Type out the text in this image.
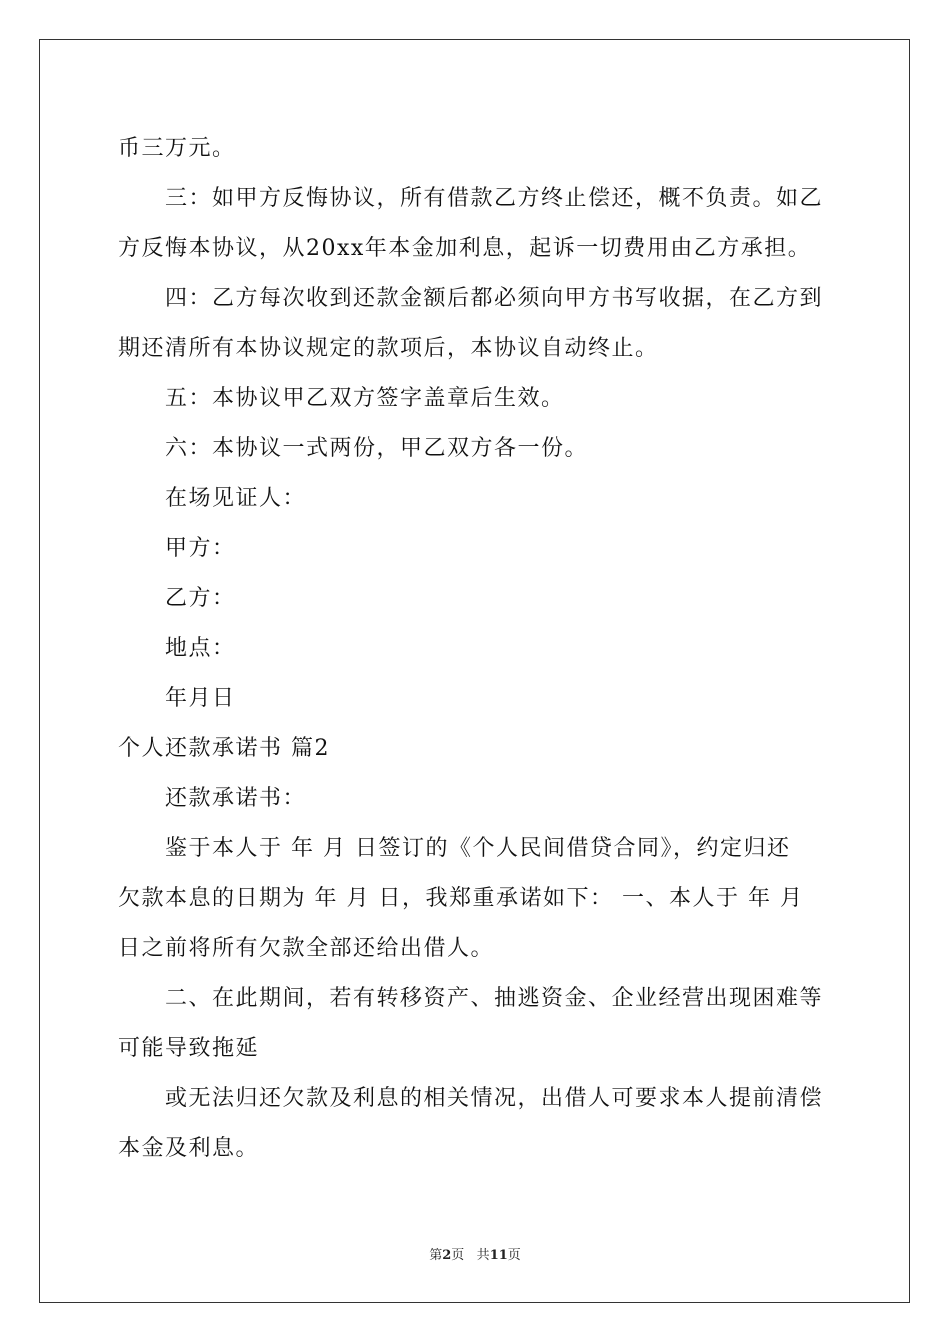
币三万元。
三：如甲方反悔协议，所有借款乙方终止偿还，概不负责。如乙
方反悔本协议，从20xx年本金加利息，起诉一切费用由乙方承担。
四：乙方每次收到还款金额后都必须向甲方书写收据，在乙方到
期还清所有本协议规定的款项后，本协议自动终止。
五：本协议甲乙双方签字盖章后生效。
六：本协议一式两份，甲乙双方各一份。
在场见证人：
甲方：
乙方：
地点：
年月日
个人还款承诺书 篇2
还款承诺书：
鉴于本人于 年 月 日签订的《个人民间借贷合同》，约定归还
欠款本息的日期为 年 月 日，我郑重承诺如下： 一、本人于 年 月
日之前将所有欠款全部还给出借人。
二、在此期间，若有转移资产、抽逃资金、企业经营出现困难等
可能导致拖延
或无法归还欠款及利息的相关情况，出借人可要求本人提前清偿
本金及利息。
第2页 共11页
